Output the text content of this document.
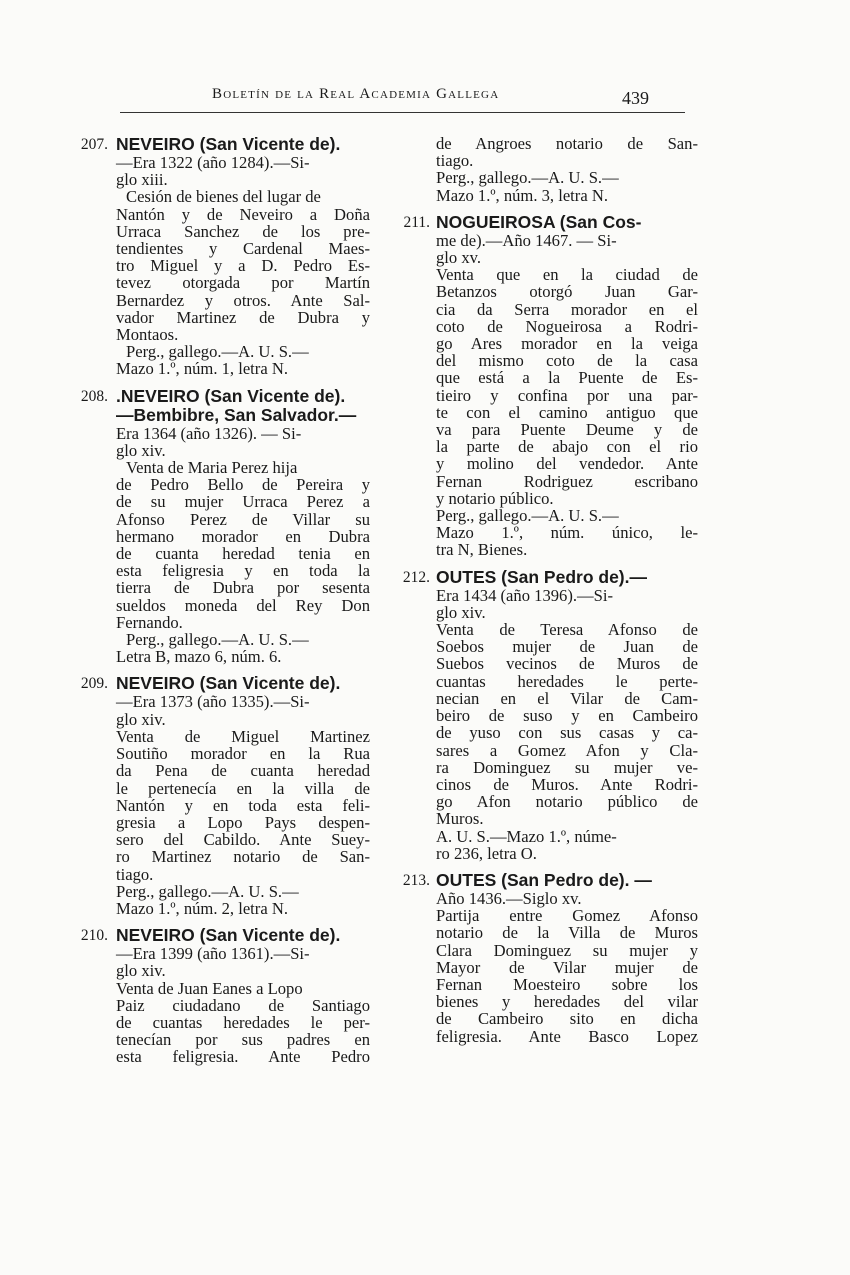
Boletín de la Real Academia Gallega	439
207. NEVEIRO (San Vicente de).
—Era 1322 (año 1284).—Si-
glo xiii.
Cesión de bienes del lugar de
Nantón y de Neveiro a Doña
Urraca Sanchez de los pre-
tendientes y Cardenal Maes-
tro Miguel y a D. Pedro Es-
tevez otorgada por Martín
Bernardez y otros. Ante Sal-
vador Martinez de Dubra y
Montaos.
Perg., gallego.—A. U. S.—
Mazo 1.º, núm. 1, letra N.
208. .NEVEIRO (San Vicente de).
—Bembibre, San Salvador.—
Era 1364 (año 1326). — Si-
glo xiv.
Venta de Maria Perez hija
de Pedro Bello de Pereira y
de su mujer Urraca Perez a
Afonso Perez de Villar su
hermano morador en Dubra
de cuanta heredad tenia en
esta feligresia y en toda la
tierra de Dubra por sesenta
sueldos moneda del Rey Don
Fernando.
Perg., gallego.—A. U. S.—
Letra B, mazo 6, núm. 6.
209. NEVEIRO (San Vicente de).
—Era 1373 (año 1335).—Si-
glo xiv.
Venta de Miguel Martinez
Soutiño morador en la Rua
da Pena de cuanta heredad
le pertenecía en la villa de
Nantón y en toda esta feli-
gresia a Lopo Pays despen-
sero del Cabildo. Ante Suey-
ro Martinez notario de San-
tiago.
Perg., gallego.—A. U. S.—
Mazo 1.º, núm. 2, letra N.
210. NEVEIRO (San Vicente de).
—Era 1399 (año 1361).—Si-
glo xiv.
Venta de Juan Eanes a Lopo
Paiz ciudadano de Santiago
de cuantas heredades le per-
tenecían por sus padres en
esta feligresia. Ante Pedro
de Angroes notario de San-
tiago.
Perg., gallego.—A. U. S.—
Mazo 1.º, núm. 3, letra N.
211. NOGUEIROSA (San Cos-
me de).—Año 1467. — Si-
glo xv.
Venta que en la ciudad de
Betanzos otorgó Juan Gar-
cia da Serra morador en el
coto de Nogueirosa a Rodri-
go Ares morador en la veiga
del mismo coto de la casa
que está a la Puente de Es-
tieiro y confina por una par-
te con el camino antiguo que
va para Puente Deume y de
la parte de abajo con el rio
y molino del vendedor. Ante
Fernan Rodriguez escribano
y notario público.
Perg., gallego.—A. U. S.—
Mazo 1.º, núm. único, le-
tra N, Bienes.
212. OUTES (San Pedro de).—
Era 1434 (año 1396).—Si-
glo xiv.
Venta de Teresa Afonso de
Soebos mujer de Juan de
Suebos vecinos de Muros de
cuantas heredades le perte-
necian en el Vilar de Cam-
beiro de suso y en Cambeiro
de yuso con sus casas y ca-
sares a Gomez Afon y Cla-
ra Dominguez su mujer ve-
cinos de Muros. Ante Rodri-
go Afon notario público de
Muros.
A. U. S.—Mazo 1.º, núme-
ro 236, letra O.
213. OUTES (San Pedro de). —
Año 1436.—Siglo xv.
Partija entre Gomez Afonso
notario de la Villa de Muros
Clara Dominguez su mujer y
Mayor de Vilar mujer de
Fernan Moesteiro sobre los
bienes y heredades del vilar
de Cambeiro sito en dicha
feligresia. Ante Basco Lopez
